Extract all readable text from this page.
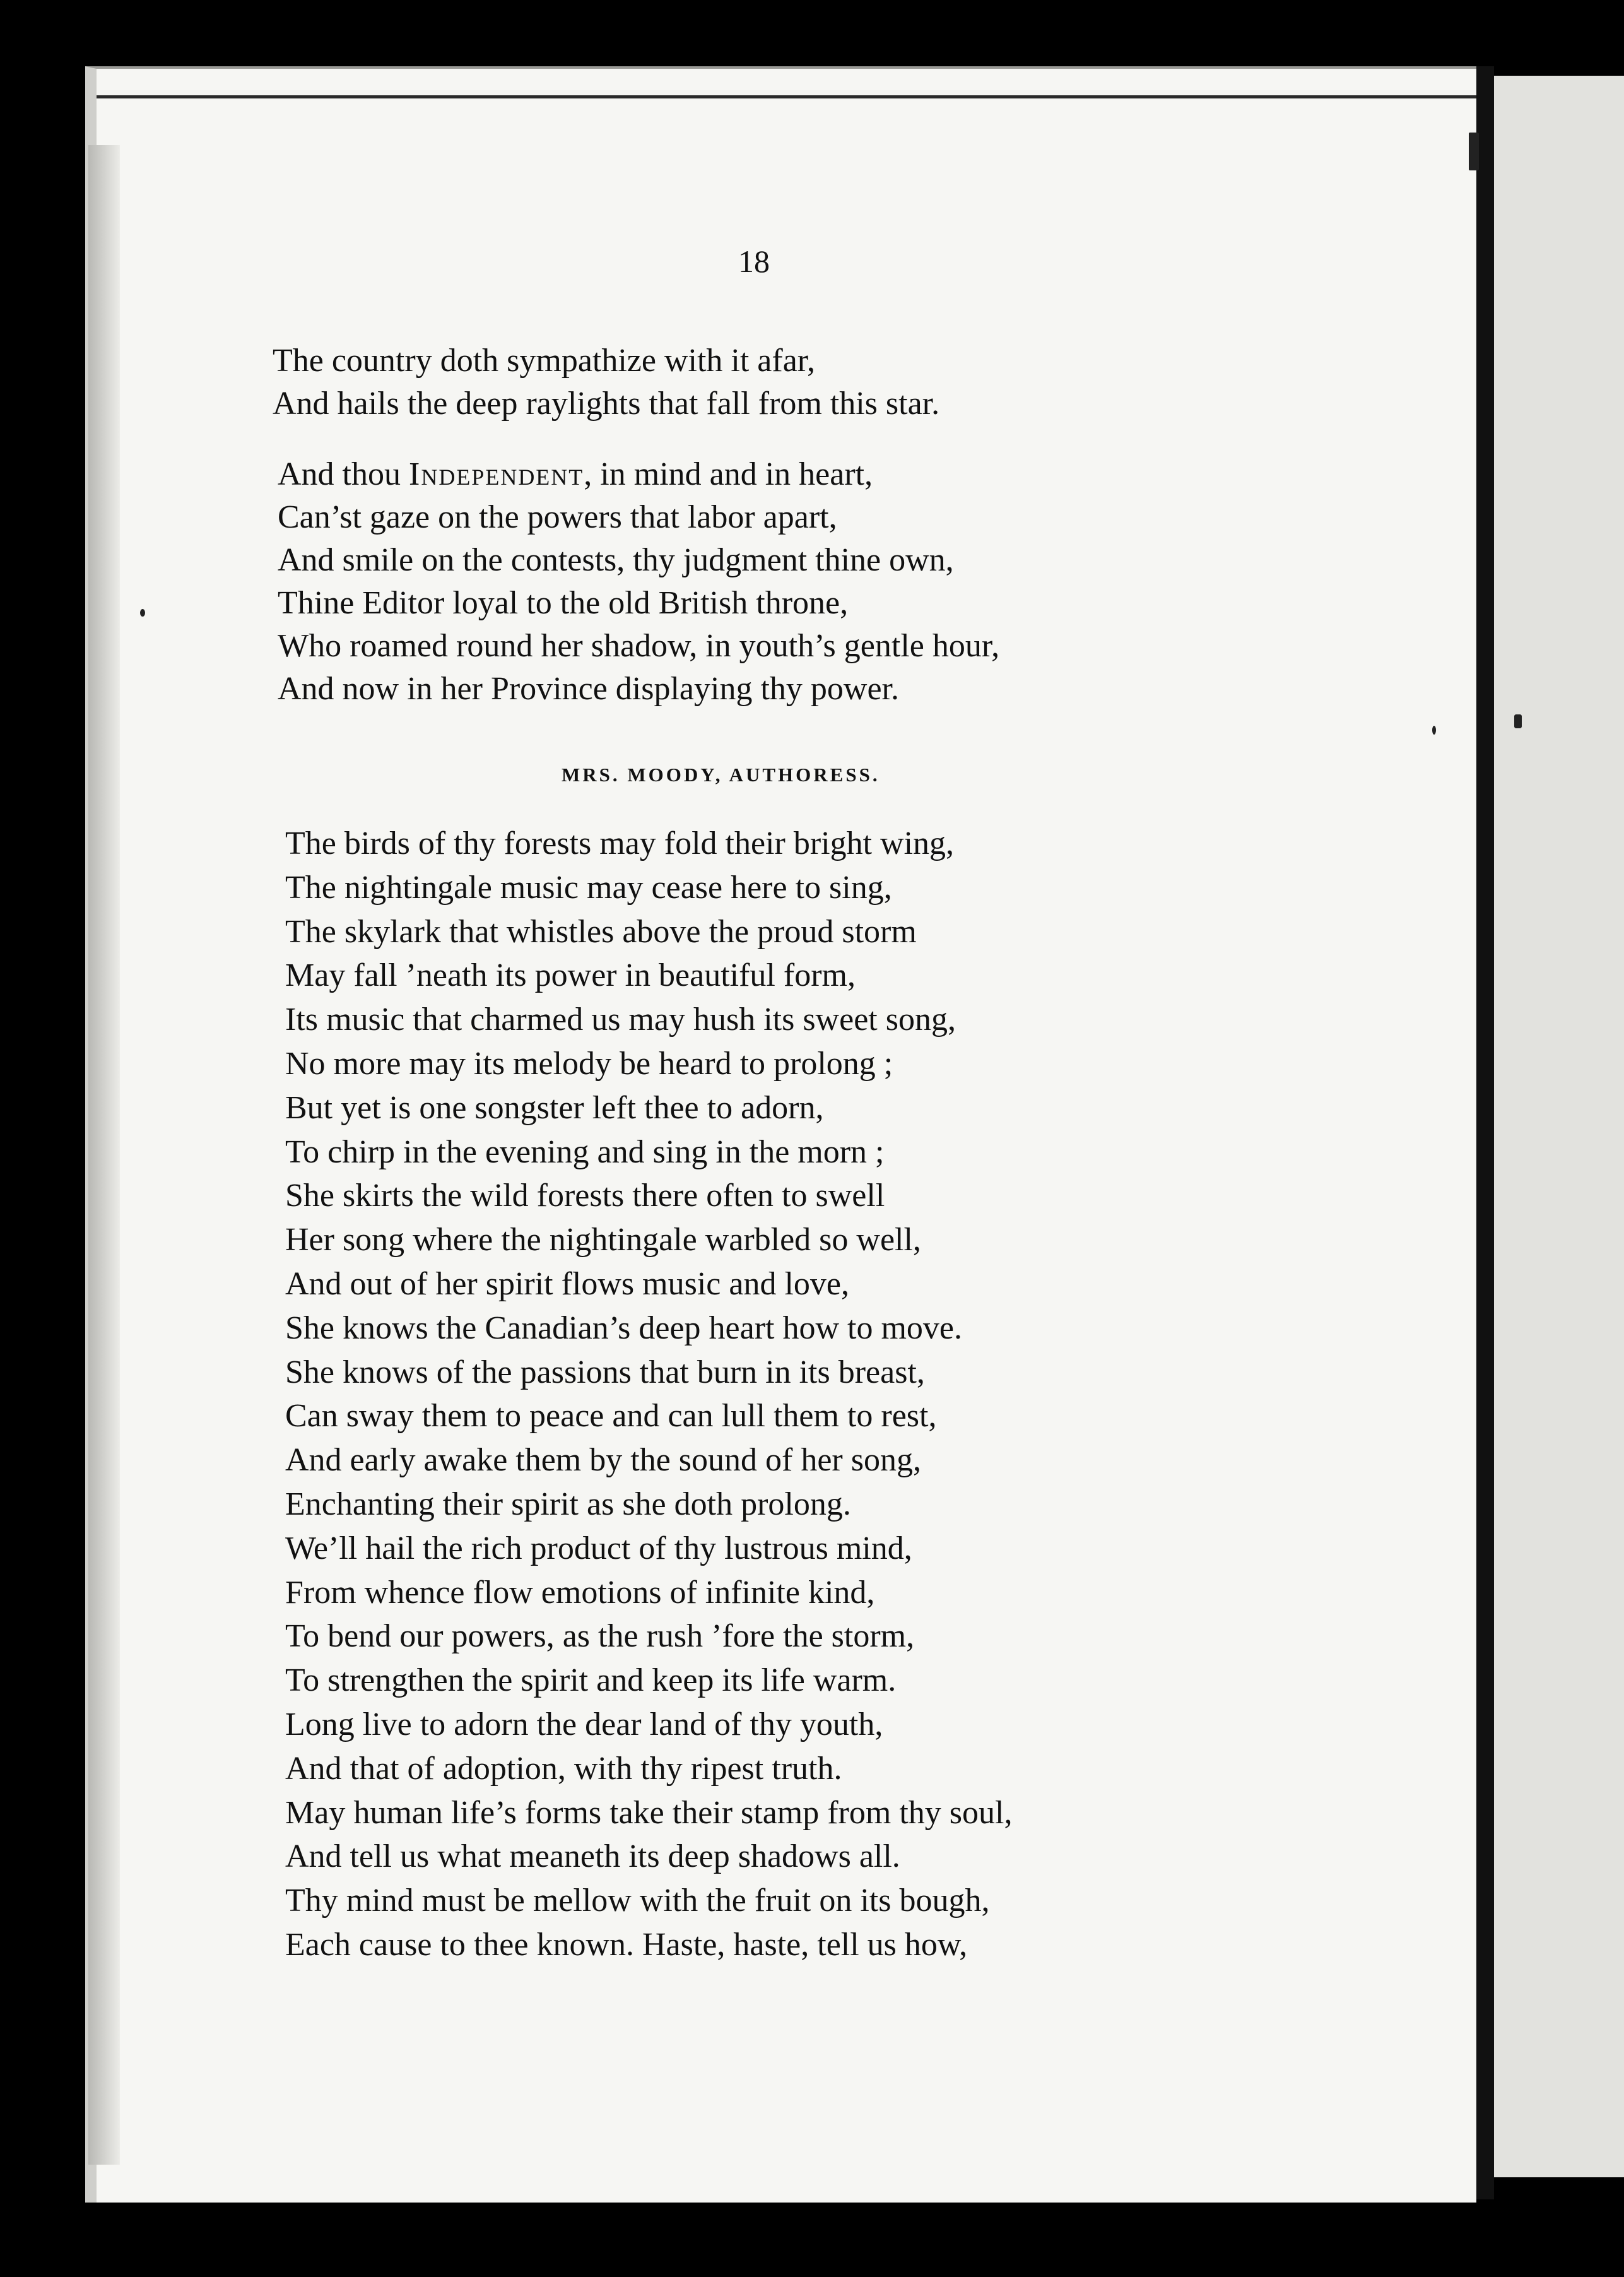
18
The country doth sympathize with it afar,
And hails the deep raylights that fall from this star.
And thou Independent, in mind and in heart,
Can’st gaze on the powers that labor apart,
And smile on the contests, thy judgment thine own,
Thine Editor loyal to the old British throne,
Who roamed round her shadow, in youth’s gentle hour,
And now in her Province displaying thy power.
MRS. MOODY, AUTHORESS.
The birds of thy forests may fold their bright wing,
The nightingale music may cease here to sing,
The skylark that whistles above the proud storm
May fall ’neath its power in beautiful form,
Its music that charmed us may hush its sweet song,
No more may its melody be heard to prolong ;
But yet is one songster left thee to adorn,
To chirp in the evening and sing in the morn ;
She skirts the wild forests there often to swell
Her song where the nightingale warbled so well,
And out of her spirit flows music and love,
She knows the Canadian’s deep heart how to move.
She knows of the passions that burn in its breast,
Can sway them to peace and can lull them to rest,
And early awake them by the sound of her song,
Enchanting their spirit as she doth prolong.
We’ll hail the rich product of thy lustrous mind,
From whence flow emotions of infinite kind,
To bend our powers, as the rush ’fore the storm,
To strengthen the spirit and keep its life warm.
Long live to adorn the dear land of thy youth,
And that of adoption, with thy ripest truth.
May human life’s forms take their stamp from thy soul,
And tell us what meaneth its deep shadows all.
Thy mind must be mellow with the fruit on its bough,
Each cause to thee known. Haste, haste, tell us how,
